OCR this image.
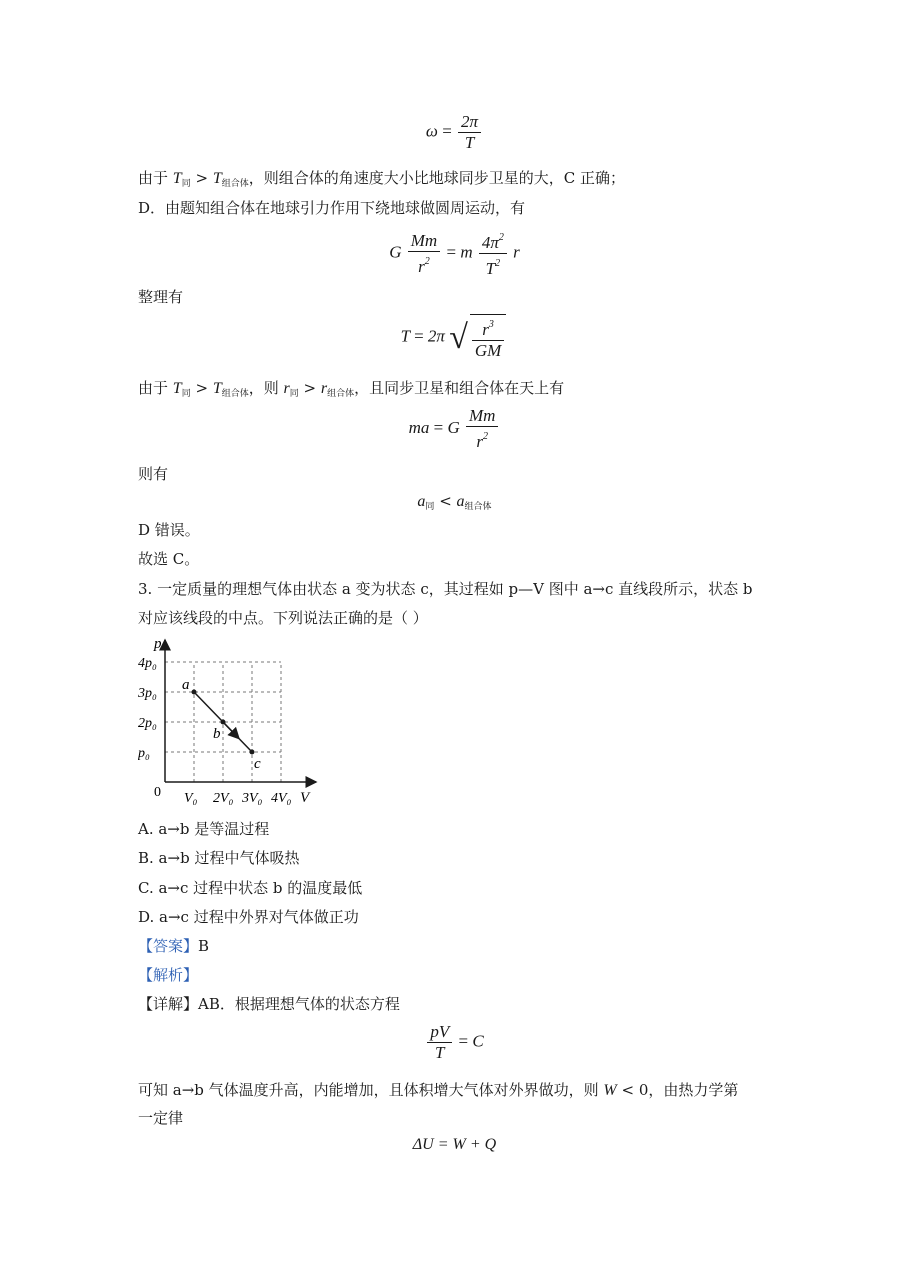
$\omega = \frac{2\pi}{T}$
由于 $T_同 > T_{组合体}$，则组合体的角速度大小比地球同步卫星的大，C 正确；
D．由题知组合体在地球引力作用下绕地球做圆周运动，有
G $\frac{Mm}{r^2} = m \frac{4\pi^2}{T^2}$ r
整理有
T = 2π √ $\frac{r^3}{GM}$
由于 $T_同 > T_{组合体}$，则 $r_同 > r_{组合体}$，且同步卫星和组合体在天上有
ma = G $\frac{Mm}{r^2}$
则有
$a_同 < a_{组合体}$
D 错误。
故选 C。
3. 一定质量的理想气体由状态 a 变为状态 c，其过程如 p—V 图中 a→c 直线段所示，状态 b
对应该线段的中点。下列说法正确的是（ ）
p
V
0
4p₀
3p₀
2p₀
p₀
V₀ 2V₀ 3V₀ 4V₀
a
b
c
A. a→b 是等温过程
B. a→b 过程中气体吸热
C. a→c 过程中状态 b 的温度最低
D. a→c 过程中外界对气体做正功
【答案】B
【解析】
【详解】AB．根据理想气体的状态方程
$\frac{pV}{T} = C$
可知 a→b 气体温度升高，内能增加，且体积增大气体对外界做功，则 W < 0，由热力学第
一定律
ΔU = W + Q
